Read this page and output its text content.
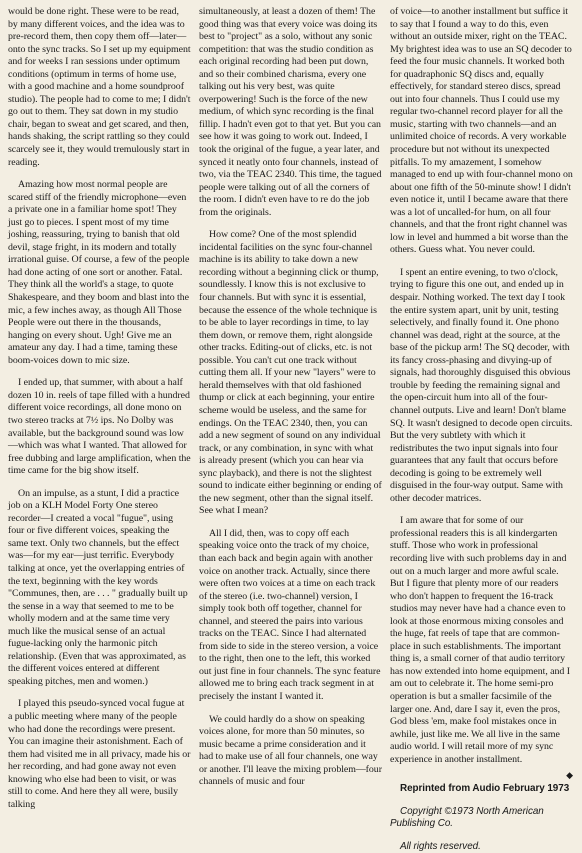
would be done right. These were to be read, by many different voices, and the idea was to pre-record them, then copy them off—later—onto the sync tracks. So I set up my equipment and for weeks I ran sessions under optimum conditions (optimum in terms of home use, with a good machine and a home soundproof studio). The people had to come to me; I didn't go out to them. They sat down in my studio chair, began to sweat and get scared, and then, hands shaking, the script rattling so they could scarcely see it, they would tremulously start in reading.

Amazing how most normal people are scared stiff of the friendly microphone—even a private one in a familiar home spot! They just go to pieces. I spent most of my time joshing, reassuring, trying to banish that old devil, stage fright, in its modern and totally irrational guise. Of course, a few of the people had done acting of one sort or another. Fatal. They think all the world's a stage, to quote Shakespeare, and they boom and blast into the mic, a few inches away, as though All Those People were out there in the thousands, hanging on every shout. Ugh! Give me an amateur any day. I had a time, taming these boom-voices down to mic size.

I ended up, that summer, with about a half dozen 10 in. reels of tape filled with a hundred different voice recordings, all done mono on two stereo tracks at 7½ ips. No Dolby was available, but the background sound was low—which was what I wanted. That allowed for free dubbing and large amplification, when the time came for the big show itself.

On an impulse, as a stunt, I did a practice job on a KLH Model Forty One stereo recorder—I created a vocal "fugue", using four or five different voices, speaking the same text. Only two channels, but the effect was—for my ear—just terrific. Everybody talking at once, yet the overlapping entries of the text, beginning with the key words "Communes, then, are . . . " gradually built up the sense in a way that seemed to me to be wholly modern and at the same time very much like the musical sense of an actual fugue-lacking only the harmonic pitch relationship. (Even that was approximated, as the different voices entered at different speaking pitches, men and women.)

I played this pseudo-synced vocal fugue at a public meeting where many of the people who had done the recordings were present. You can imagine their astonishment. Each of them had visited me in all privacy, made his or her recording, and had gone away not even knowing who else had been to visit, or was still to come. And here they all were, busily talking

simultaneously, at least a dozen of them! The good thing was that every voice was doing its best to "project" as a solo, without any sonic competition: that was the studio condition as each original recording had been put down, and so their combined charisma, every one talking out his very best, was quite overpowering! Such is the force of the new medium, of which sync recording is the final fillip. I hadn't even got to that yet. But you can see how it was going to work out. Indeed, I took the original of the fugue, a year later, and synced it neatly onto four channels, instead of two, via the TEAC 2340. This time, the tagued people were talking out of all the corners of the room. I didn't even have to re do the job from the originals.

How come? One of the most splendid incidental facilities on the sync four-channel machine is its ability to take down a new recording without a beginning click or thump, soundlessly. I know this is not exclusive to four channels. But with sync it is essential, because the essence of the whole technique is to be able to layer recordings in time, to lay them down, or remove them, right alongside other tracks. Editing-out of clicks, etc. is not possible. You can't cut one track without cutting them all. If your new "layers" were to herald themselves with that old fashioned thump or click at each beginning, your entire scheme would be useless, and the same for endings. On the TEAC 2340, then, you can add a new segment of sound on any individual track, or any combination, in sync with what is already present (which you can hear via sync playback), and there is not the slightest sound to indicate either beginning or ending of the new segment, other than the signal itself. See what I mean?

All I did, then, was to copy off each speaking voice onto the track of my choice, than each back and begin again with another voice on another track. Actually, since there were often two voices at a time on each track of the stereo (i.e. two-channel) version, I simply took both off together, channel for channel, and steered the pairs into various tracks on the TEAC. Since I had alternated from side to side in the stereo version, a voice to the right, then one to the left, this worked out just fine in four channels. The sync feature allowed me to bring each track segment in at precisely the instant I wanted it.

We could hardly do a show on speaking voices alone, for more than 50 minutes, so music became a prime consideration and it had to make use of all four channels, one way or another. I'll leave the mixing problem—four channels of music and four

of voice—to another installment but suffice it to say that I found a way to do this, even without an outside mixer, right on the TEAC. My brightest idea was to use an SQ decoder to feed the four music channels. It worked both for quadraphonic SQ discs and, equally effectively, for standard stereo discs, spread out into four channels. Thus I could use my regular two-channel record player for all the music, starting with two channels—and an unlimited choice of records. A very workable procedure but not without its unexpected pitfalls. To my amazement, I somehow managed to end up with four-channel mono on about one fifth of the 50-minute show! I didn't even notice it, until I became aware that there was a lot of uncalled-for hum, on all four channels, and that the front right channel was low in level and hummed a bit worse than the others. Guess what. You never could.

I spent an entire evening, to two o'clock, trying to figure this one out, and ended up in despair. Nothing worked. The text day I took the entire system apart, unit by unit, testing selectively, and finally found it. One phono channel was dead, right at the source, at the base of the pickup arm! The SQ decoder, with its fancy cross-phasing and divying-up of signals, had thoroughly disguised this obvious trouble by feeding the remaining signal and the open-circuit hum into all of the four-channel outputs. Live and learn! Don't blame SQ. It wasn't designed to decode open circuits. But the very subtlety with which it redistributes the two input signals into four guarantees that any fault that occurs before decoding is going to be extremely well disguised in the four-way output. Same with other decoder matrices.

I am aware that for some of our professional readers this is all kindergarten stuff. Those who work in professional recording live with such problems day in and out on a much larger and more awful scale. But I figure that plenty more of our readers who don't happen to frequent the 16-track studios may never have had a chance even to look at those enormous mixing consoles and the huge, fat reels of tape that are common-place in such establishments. The important thing is, a small corner of that audio territory has now extended into home equipment, and I am out to celebrate it. The home semi-pro operation is but a smaller facsimile of the larger one. And, dare I say it, even the pros, God bless 'em, make fool mistakes once in awhile, just like me. We all live in the same audio world. I will retail more of my sync experience in another installment.

◆

Reprinted from Audio February 1973

Copyright ©1973 North American Publishing Co.

All rights reserved.
